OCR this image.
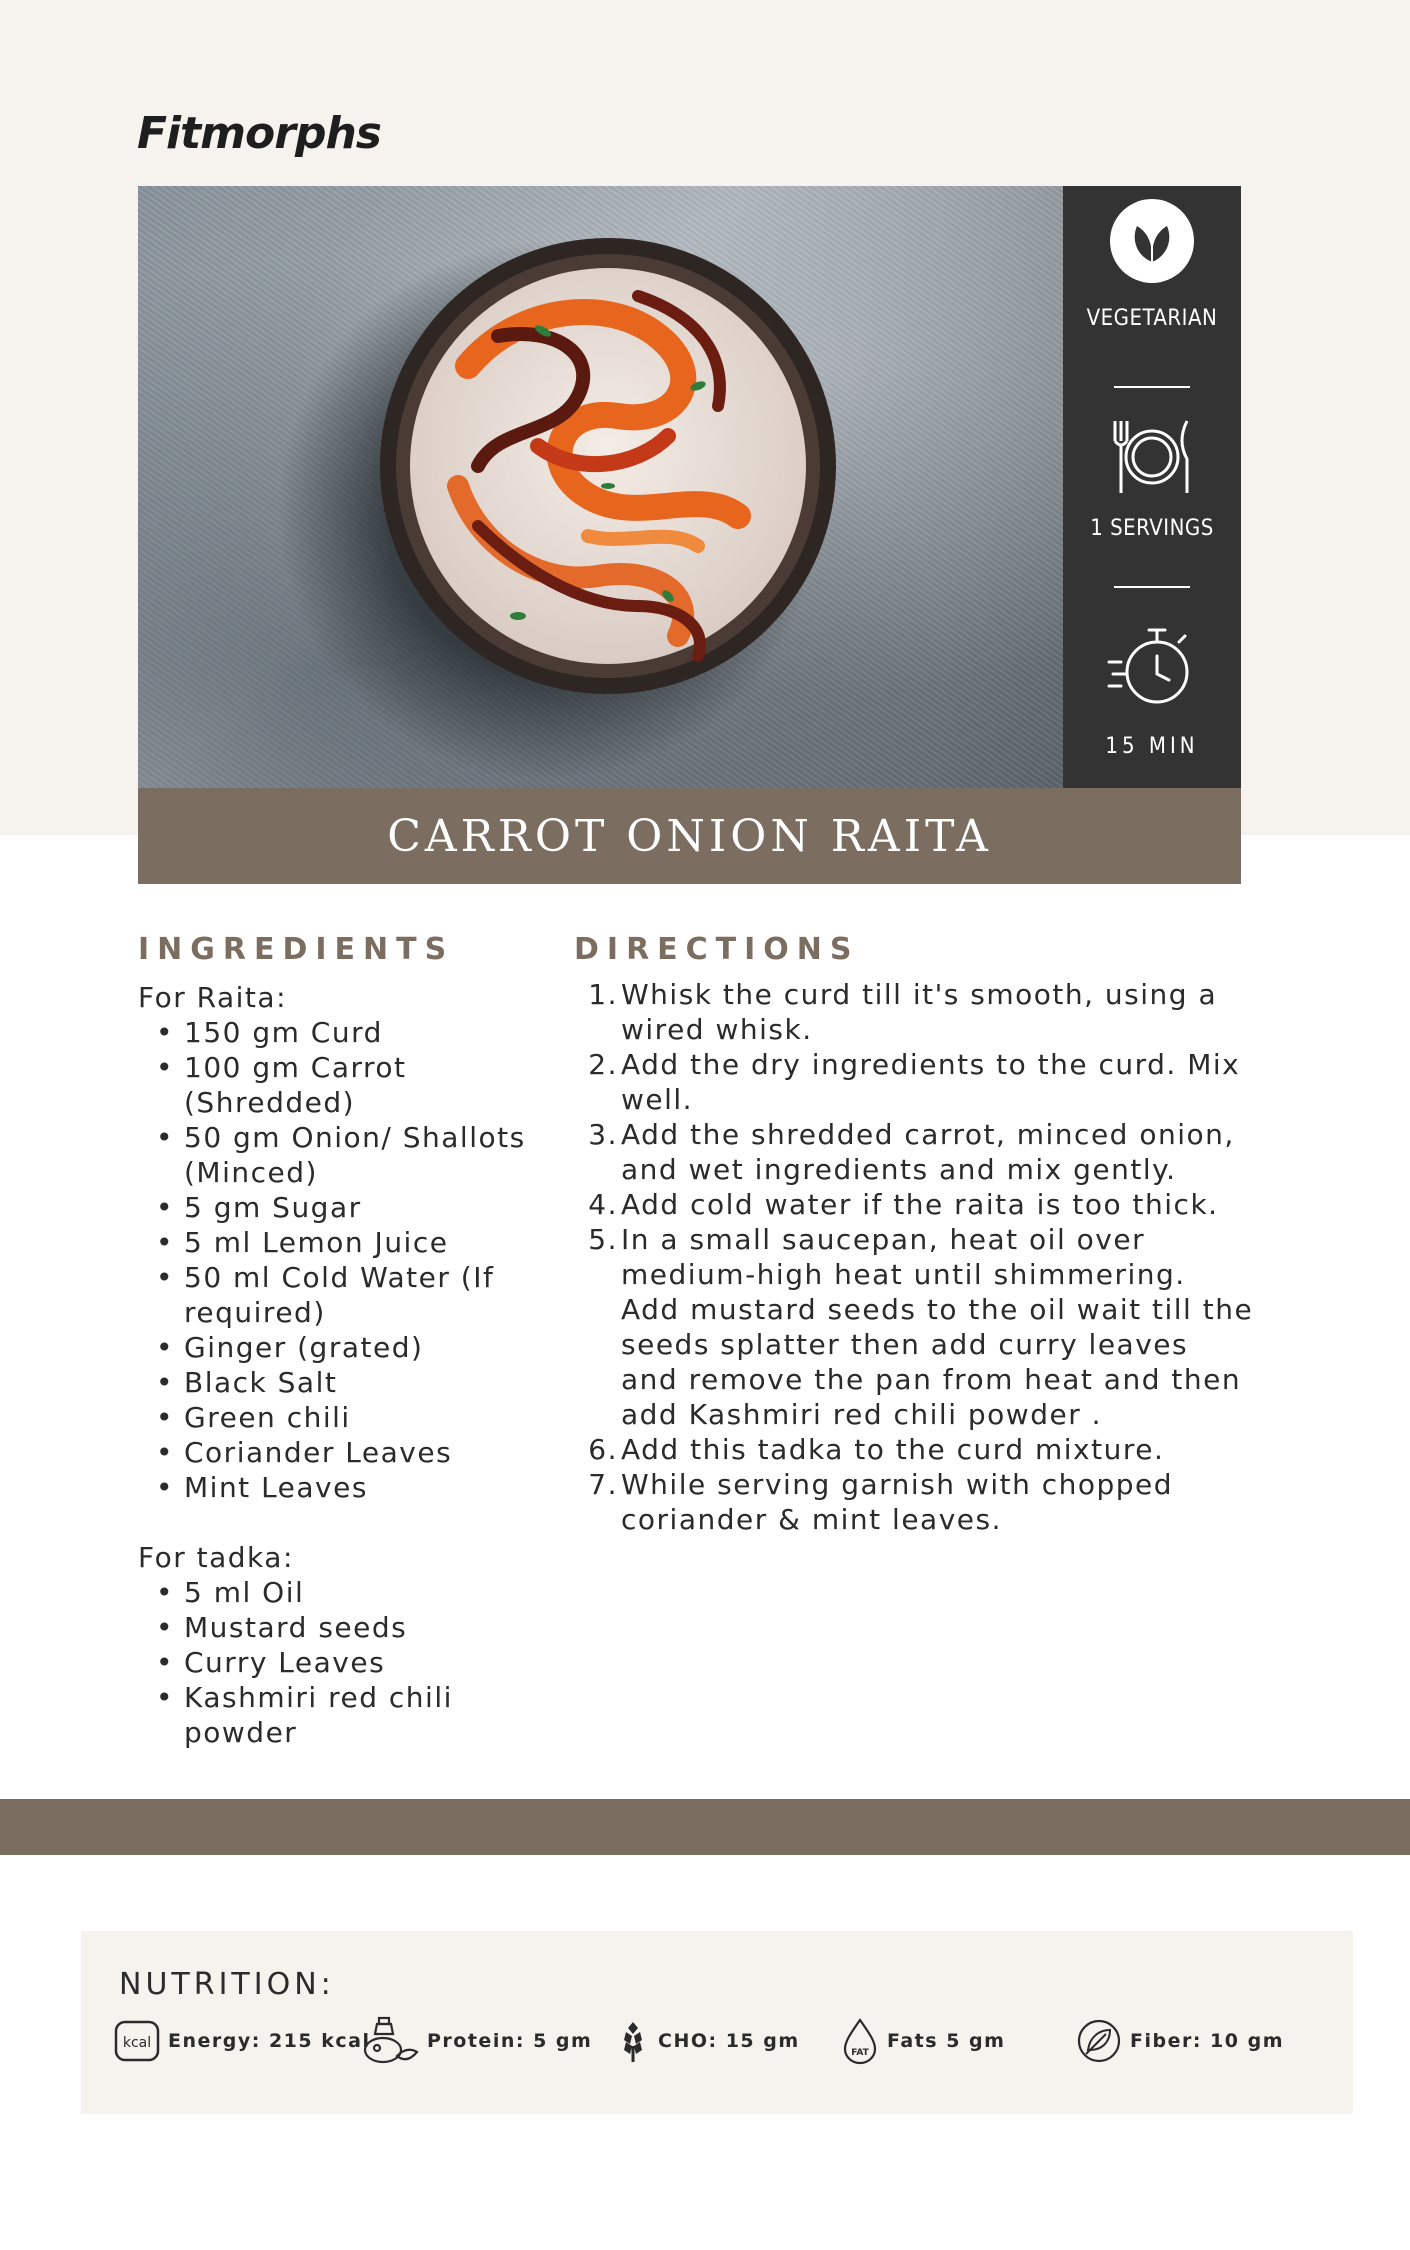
Fitmorphs
VEGETARIAN
1 SERVINGS
15 MIN
CARROT ONION RAITA
INGREDIENTS

For Raita:

• 150 gm Curd
• 100 gm Carrot (Shredded)
• 50 gm Onion/ Shallots (Minced)
• 5 gm Sugar
• 5 ml Lemon Juice
• 50 ml Cold Water (If required)
• Ginger (grated)
• Black Salt
• Green chili
• Coriander Leaves
• Mint Leaves

For tadka:

• 5 ml Oil
• Mustard seeds
• Curry Leaves
• Kashmiri red chili powder
DIRECTIONS
1. Whisk the curd till it's smooth, using a wired whisk.
2. Add the dry ingredients to the curd. Mix well.
3. Add the shredded carrot, minced onion, and wet ingredients and mix gently.
4. Add cold water if the raita is too thick.
5. In a small saucepan, heat oil over medium-high heat until shimmering. Add mustard seeds to the oil wait till the seeds splatter then add curry leaves and remove the pan from heat and then add Kashmiri red chili powder .
6. Add this tadka to the curd mixture.
7. While serving garnish with chopped coriander & mint leaves.
NUTRITION:
kcal Energy: 215 kcal	Protein: 5 gm	CHO: 15 gm
FAT
Fats 5 gm	Fiber: 10 gm
